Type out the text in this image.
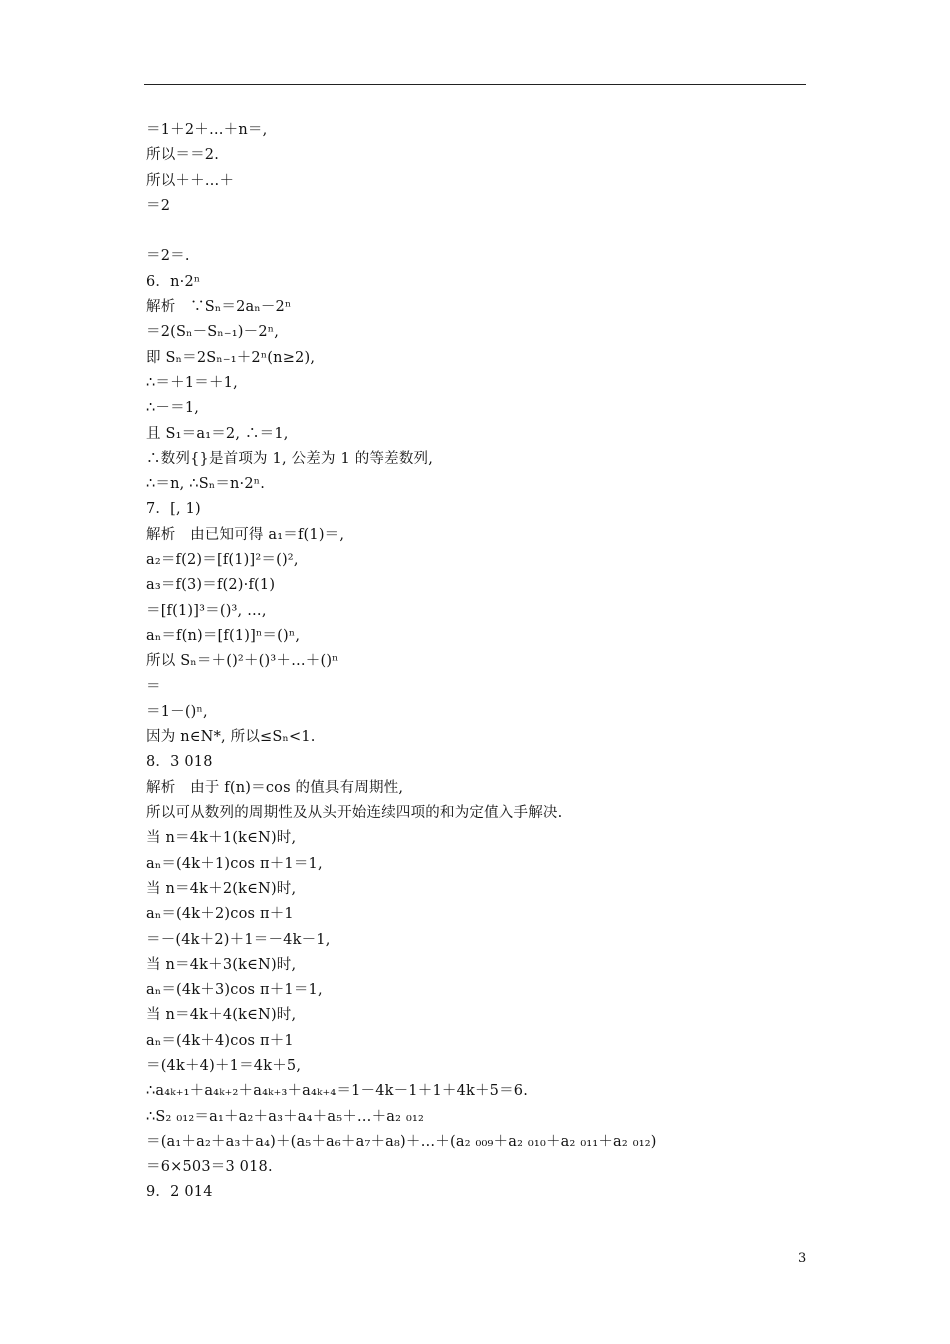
＝1＋2＋…＋n＝,
所以＝＝2.
所以＋＋…＋
＝2
＝2＝.
6．n·2ⁿ
解析　∵Sₙ＝2aₙ－2ⁿ
＝2(Sₙ－Sₙ₋₁)－2ⁿ,
即 Sₙ＝2Sₙ₋₁＋2ⁿ(n≥2),
∴＝＋1＝＋1,
∴－＝1,
且 S₁＝a₁＝2, ∴＝1,
∴数列{}是首项为 1, 公差为 1 的等差数列,
∴＝n, ∴Sₙ＝n·2ⁿ.
7．[, 1)
解析　由已知可得 a₁＝f(1)＝,
a₂＝f(2)＝[f(1)]²＝()²,
a₃＝f(3)＝f(2)·f(1)
＝[f(1)]³＝()³, …,
aₙ＝f(n)＝[f(1)]ⁿ＝()ⁿ,
所以 Sₙ＝＋()²＋()³＋…＋()ⁿ
＝
＝1－()ⁿ,
因为 n∈N*, 所以≤Sₙ<1.
8．3 018
解析　由于 f(n)＝cos 的值具有周期性,
所以可从数列的周期性及从头开始连续四项的和为定值入手解决.
当 n＝4k＋1(k∈N)时,
aₙ＝(4k＋1)cos π＋1＝1,
当 n＝4k＋2(k∈N)时,
aₙ＝(4k＋2)cos π＋1
＝－(4k＋2)＋1＝－4k－1,
当 n＝4k＋3(k∈N)时,
aₙ＝(4k＋3)cos π＋1＝1,
当 n＝4k＋4(k∈N)时,
aₙ＝(4k＋4)cos π＋1
＝(4k＋4)＋1＝4k＋5,
∴a₄ₖ₊₁＋a₄ₖ₊₂＋a₄ₖ₊₃＋a₄ₖ₊₄＝1－4k－1＋1＋4k＋5＝6.
∴S₂ ₀₁₂＝a₁＋a₂＋a₃＋a₄＋a₅＋…＋a₂ ₀₁₂
＝(a₁＋a₂＋a₃＋a₄)＋(a₅＋a₆＋a₇＋a₈)＋…＋(a₂ ₀₀₉＋a₂ ₀₁₀＋a₂ ₀₁₁＋a₂ ₀₁₂)
＝6×503＝3 018.
9．2 014
3
